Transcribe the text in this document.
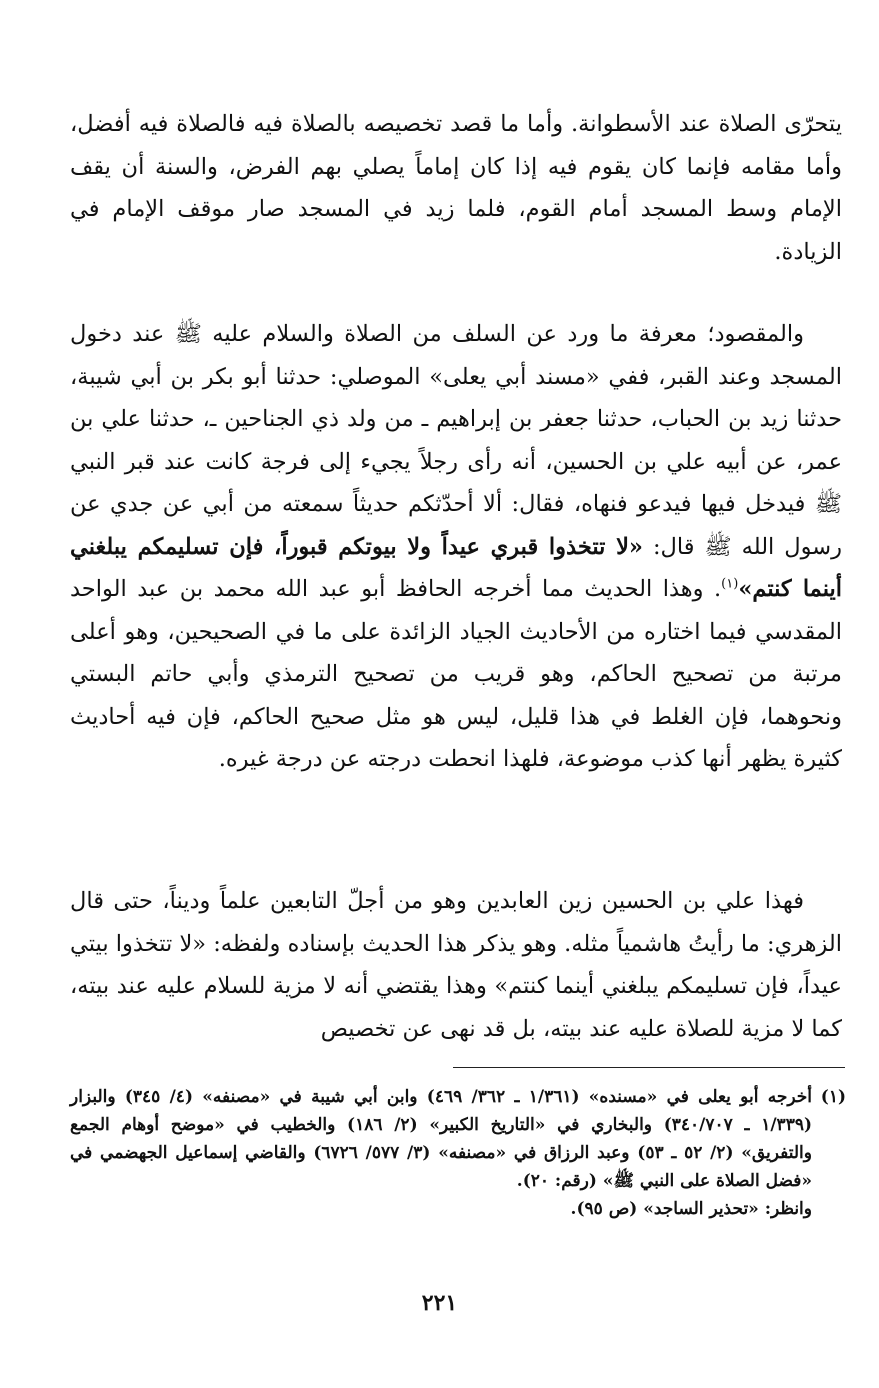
يتحرّى الصلاة عند الأسطوانة. وأما ما قصد تخصيصه بالصلاة فيه فالصلاة فيه أفضل، وأما مقامه فإنما كان يقوم فيه إذا كان إماماً يصلي بهم الفرض، والسنة أن يقف الإمام وسط المسجد أمام القوم، فلما زيد في المسجد صار موقف الإمام في الزيادة.

والمقصود؛ معرفة ما ورد عن السلف من الصلاة والسلام عليه ﷺ عند دخول المسجد وعند القبر، ففي «مسند أبي يعلى» الموصلي: حدثنا أبو بكر بن أبي شيبة، حدثنا زيد بن الحباب، حدثنا جعفر بن إبراهيم ـ من ولد ذي الجناحين ـ، حدثنا علي بن عمر، عن أبيه علي بن الحسين، أنه رأى رجلاً يجيء إلى فرجة كانت عند قبر النبي ﷺ فيدخل فيها فيدعو فنهاه، فقال: ألا أحدّثكم حديثاً سمعته من أبي عن جدي عن رسول الله ﷺ قال: «لا تتخذوا قبري عيداً ولا بيوتكم قبوراً، فإن تسليمكم يبلغني أينما كنتم»$^{(١)}$. وهذا الحديث مما أخرجه الحافظ أبو عبد الله محمد بن عبد الواحد المقدسي فيما اختاره من الأحاديث الجياد الزائدة على ما في الصحيحين، وهو أعلى مرتبة من تصحيح الحاكم، وهو قريب من تصحيح الترمذي وأبي حاتم البستي ونحوهما، فإن الغلط في هذا قليل، ليس هو مثل صحيح الحاكم، فإن فيه أحاديث كثيرة يظهر أنها كذب موضوعة، فلهذا انحطت درجته عن درجة غيره.

فهذا علي بن الحسين زين العابدين وهو من أجلّ التابعين علماً وديناً، حتى قال الزهري: ما رأيتُ هاشمياً مثله. وهو يذكر هذا الحديث بإسناده ولفظه: «لا تتخذوا بيتي عيداً، فإن تسليمكم يبلغني أينما كنتم» وهذا يقتضي أنه لا مزية للسلام عليه عند بيته، كما لا مزية للصلاة عليه عند بيته، بل قد نهى عن تخصيص

(١)

أخرجه أبو يعلى في «مسنده» (١/٣٦١ ـ ٣٦٢/ ٤٦٩) وابن أبي شيبة في «مصنفه» (٤/ ٣٤٥) والبزار (١/٣٣٩ ـ ٣٤٠/٧٠٧) والبخاري في «التاريخ الكبير» (٢/ ١٨٦) والخطيب في «موضح أوهام الجمع والتفريق» (٢/ ٥٢ ـ ٥٣) وعبد الرزاق في «مصنفه» (٣/ ٥٧٧/ ٦٧٢٦) والقاضي إسماعيل الجهضمي في «فضل الصلاة على النبي ﷺ» (رقم: ٢٠).

وانظر: «تحذير الساجد» (ص ٩٥).

٢٢١
